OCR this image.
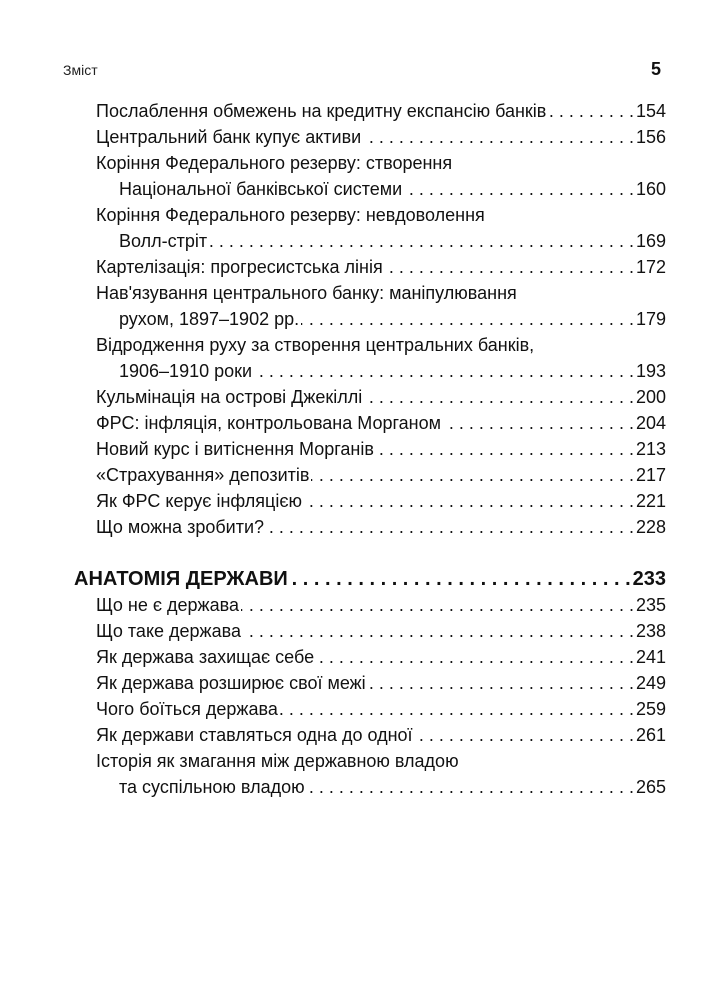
Зміст	5
Послаблення обмежень на кредитну експансію банків . . .	154
Центральний банк купує активи . . .	156
Коріння Федерального резерву: створення
Національної банківської системи . . .	160
Коріння Федерального резерву: невдоволення
Волл-стріт . . .	169
Картелізація: прогресистська лінія . . .	172
Нав'язування центрального банку: маніпулювання
рухом, 1897–1902 рр. . . .	179
Відродження руху за створення центральних банків,
1906–1910 роки . . .	193
Кульмінація на острові Джекіллі . . .	200
ФРС: інфляція, контрольована Морганом . . .	204
Новий курс і витіснення Морганів . . .	213
«Страхування» депозитів . . .	217
Як ФРС керує інфляцією . . .	221
Що можна зробити? . . .	228
АНАТОМІЯ ДЕРЖАВИ . . .	233
Що не є держава . . .	235
Що таке держава . . .	238
Як держава захищає себе . . .	241
Як держава розширює свої межі . . .	249
Чого боїться держава . . .	259
Як держави ставляться одна до одної . . .	261
Історія як змагання між державною владою
та суспільною владою . . .	265
